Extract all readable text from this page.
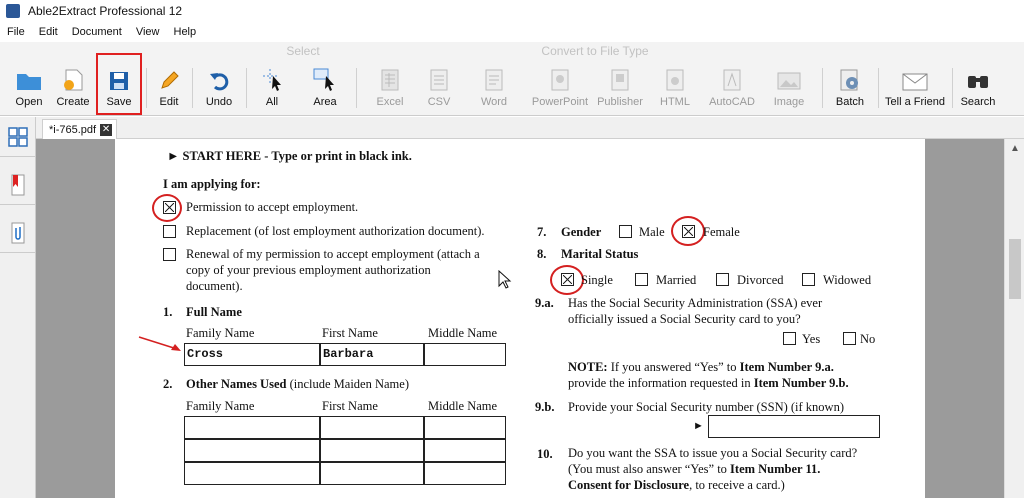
Able2Extract Professional 12
File	Edit	Document	View	Help
Select	Convert to File Type
Open Create Save	Edit Undo	All	Area	Excel CSV	Word PowerPoint Publisher HTML AutoCAD Image	Batch Tell a Friend Search
*i-765.pdf ✕
► START HERE - Type or print in black ink.
I am applying for:
Permission to accept employment.
Replacement (of lost employment authorization document).
Renewal of my permission to accept employment (attach a
copy of your previous employment authorization
document).
1. Full Name
Family Name	First Name	Middle Name
Cross	Barbara
2. Other Names Used (include Maiden Name)
Family Name	First Name	Middle Name
7. Gender	Male	Female
8. Marital Status
Single	Married	Divorced	Widowed
9.a. Has the Social Security Administration (SSA) ever
officially issued a Social Security card to you?
Yes	No
NOTE: If you answered “Yes” to Item Number 9.a.
provide the information requested in Item Number 9.b.
9.b. Provide your Social Security number (SSN) (if known)
►
10. Do you want the SSA to issue you a Social Security card?
(You must also answer “Yes” to Item Number 11.
Consent for Disclosure, to receive a card.)
▲
